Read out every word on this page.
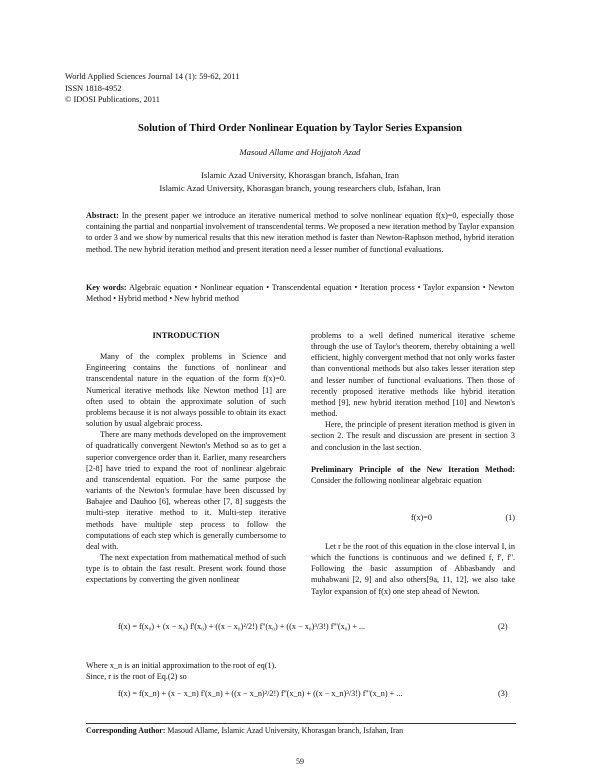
World Applied Sciences Journal 14 (1): 59-62, 2011
ISSN 1818-4952
© IDOSI Publications, 2011
Solution of Third Order Nonlinear Equation by Taylor Series Expansion
Masoud Allame and Hojjatoh Azad
Islamic Azad University, Khorasgan branch, Isfahan, Iran
Islamic Azad University, Khorasgan branch, young researchers club, Isfahan, Iran
Abstract: In the present paper we introduce an iterative numerical method to solve nonlinear equation f(x)=0, especially those containing the partial and nonpartial involvement of transcendental terms. We proposed a new iteration method by Taylor expansion to order 3 and we show by numerical results that this new iteration method is faster than Newton-Raphson method, hybrid iteration method. The new hybrid iteration method and present iteration need a lesser number of functional evaluations.
Key words: Algebraic equation • Nonlinear equation • Transcendental equation • Iteration process • Taylor expansion • Newton Method • Hybrid method • New hybrid method

INTRODUCTION

Many of the complex problems in Science and Engineering contains the functions of nonlinear and transcendental nature in the equation of the form f(x)=0. Numerical iterative methods like Newton method [1] are often used to obtain the approximate solution of such problems because it is not always possible to obtain its exact solution by usual algebraic process.

There are many methods developed on the improvement of quadratically convergent Newton's Method so as to get a superior convergence order than it. Earlier, many researchers [2-8] have tried to expand the root of nonlinear algebraic and transcendental equation. For the same purpose the variants of the Newton's formulae have been discussed by Babajee and Dauhoo [6], whereas other [7, 8] suggests the multi-step iterative method to it. Multi-step iterative methods have multiple step process to follow the computations of each step which is generally cumbersome to deal with.

The next expectation from mathematical method of such type is to obtain the fast result. Present work found those expectations by converting the given nonlinear

problems to a well defined numerical iterative scheme through the use of Taylor's theorem, thereby obtaining a well efficient, highly convergent method that not only works faster than conventional methods but also takes lesser iteration step and lesser number of functional evaluations. Then those of recently proposed iterative methods like hybrid iteration method [9], new hybrid iteration method [10] and Newton's method.

Here, the principle of present iteration method is given in section 2. The result and discussion are present in section 3 and conclusion in the last section.

Preliminary Principle of the New Iteration Method: Consider the following nonlinear algebraic equation

f(x)=0	(1)

Let r be the root of this equation in the close interval I, in which the functions is continuous and we defined f, f', f''. Following the basic assumption of Abbasbandy and muhabwani [2, 9] and also others[9a, 11, 12], we also take Taylor expansion of f(x) one step ahead of Newton.

f(x) = f(x₀) + (x − x₀) f'(x₀) + ((x − x₀)²/2!) f''(x₀) + ((x − x₀)³/3!) f'''(x₀) + ...	(2)
Where x_n is an initial approximation to the root of eq(1).
Since, r is the root of Eq.(2) so
f(x) = f(x_n) + (x − x_n) f'(x_n) + ((x − x_n)²/2!) f''(x_n) + ((x − x_n)³/3!) f'''(x_n) + ...	(3)
Corresponding Author: Masoud Allame, Islamic Azad University, Khorasgan branch, Isfahan, Iran
59
